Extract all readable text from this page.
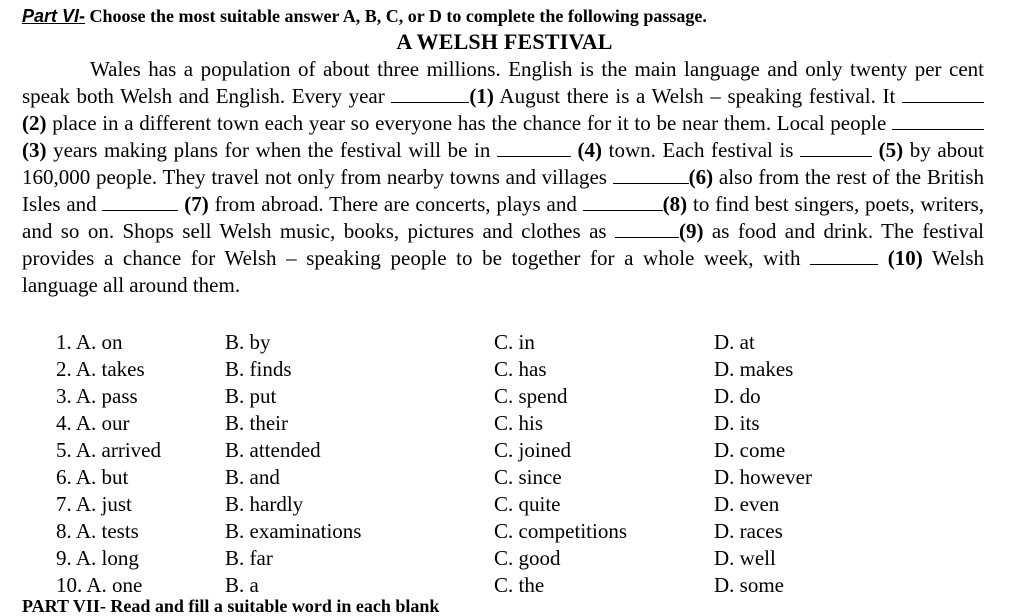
Part VI- Choose the most suitable answer A, B, C, or D to complete the following passage.
A WELSH FESTIVAL
Wales has a population of about three millions. English is the main language and only twenty per cent speak both Welsh and English. Every year	(1) August there is a Welsh – speaking festival. It  (2) place in a different town each year so everyone has the chance for it to be near them. Local people (3) years making plans for when the festival will be in	(4) town. Each festival is	(5) by about 160,000 people. They travel not only from nearby towns and villages	(6) also from the rest of the British Isles and	(7) from abroad. There are concerts, plays and	(8) to find best singers, poets, writers, and so on. Shops sell Welsh music, books, pictures and clothes as	(9) as food and drink. The festival provides a chance for Welsh – speaking people to be together for a whole week, with	(10) Welsh language all around them.
1. A. on	B. by	C. in	D. at
2. A. takes	B. finds	C. has	D. makes
3. A. pass	B. put	C. spend	D. do
4. A. our	B. their	C. his	D. its
5. A. arrived	B. attended	C. joined	D. come
6. A. but	B. and	C. since	D. however
7. A. just	B. hardly	C. quite	D. even
8. A. tests	B. examinations	C. competitions	D. races
9. A. long	B. far	C. good	D. well
10. A. one	B. a	C. the	D. some
PART VII- Read and fill a suitable word in each blank
